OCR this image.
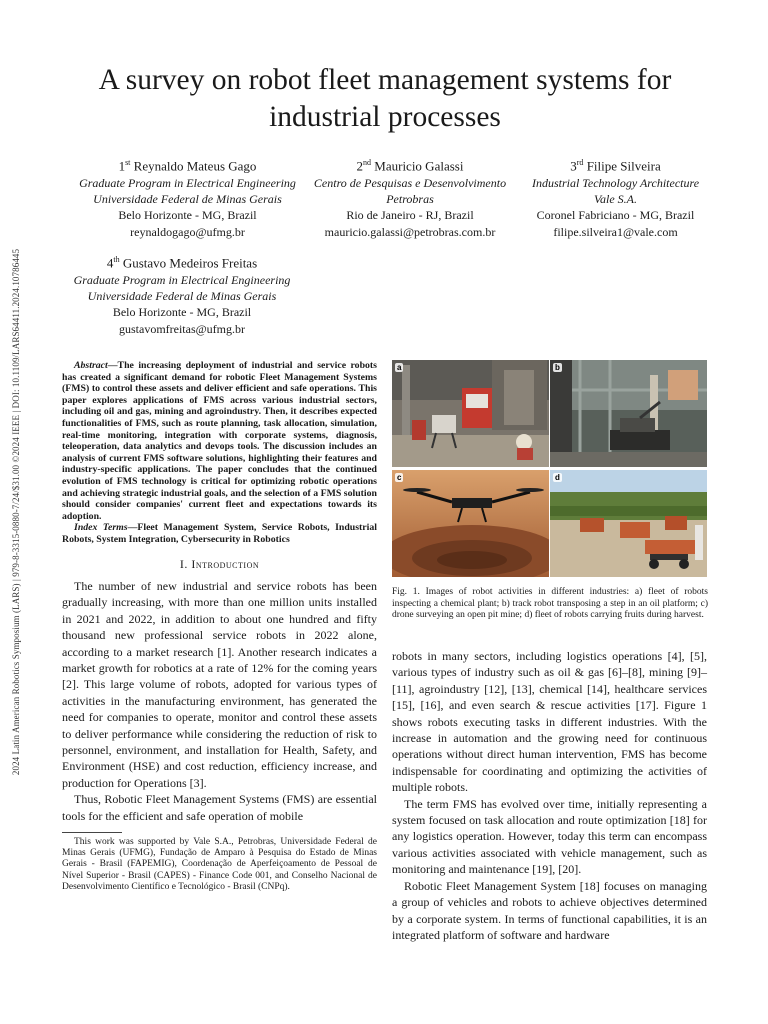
2024 Latin American Robotics Symposium (LARS) | 979-8-3315-0880-7/24/$31.00 ©2024 IEEE | DOI: 10.1109/LARS64411.2024.10786445
A survey on robot fleet management systems for industrial processes
1st Reynaldo Mateus Gago
Graduate Program in Electrical Engineering
Universidade Federal de Minas Gerais
Belo Horizonte - MG, Brazil
reynaldogago@ufmg.br
2nd Mauricio Galassi
Centro de Pesquisas e Desenvolvimento
Petrobras
Rio de Janeiro - RJ, Brazil
mauricio.galassi@petrobras.com.br
3rd Filipe Silveira
Industrial Technology Architecture
Vale S.A.
Coronel Fabriciano - MG, Brazil
filipe.silveira1@vale.com
4th Gustavo Medeiros Freitas
Graduate Program in Electrical Engineering
Universidade Federal de Minas Gerais
Belo Horizonte - MG, Brazil
gustavomfreitas@ufmg.br

Abstract—The increasing deployment of industrial and service robots has created a significant demand for robotic Fleet Management Systems (FMS) to control these assets and deliver efficient and safe operations. This paper explores applications of FMS across various industrial sectors, including oil and gas, mining and agroindustry. Then, it describes expected functionalities of FMS, such as route planning, task allocation, simulation, real-time monitoring, integration with corporate systems, diagnosis, teleoperation, data analytics and devops tools. The discussion includes an analysis of current FMS software solutions, highlighting their features and industry-specific applications. The paper concludes that the continued evolution of FMS technology is critical for optimizing robotic operations and achieving strategic industrial goals, and the selection of a FMS solution should consider companies' current fleet and expectations towards its adoption.

Index Terms—Fleet Management System, Service Robots, Industrial Robots, System Integration, Cybersecurity in Robotics

I. Introduction

The number of new industrial and service robots has been gradually increasing, with more than one million units installed in 2021 and 2022, in addition to about one hundred and fifty thousand new professional service robots in 2022 alone, according to a market research [1]. Another research indicates a market growth for robotics at a rate of 12% for the coming years [2]. This large volume of robots, adopted for various types of activities in the manufacturing environment, has generated the need for companies to operate, monitor and control these assets to deliver performance while considering the reduction of risk to personnel, environment, and installation for Health, Safety, and Environment (HSE) and cost reduction, efficiency increase, and production for Operations [3].

Thus, Robotic Fleet Management Systems (FMS) are essential tools for the efficient and safe operation of mobile

This work was supported by Vale S.A., Petrobras, Universidade Federal de Minas Gerais (UFMG), Fundação de Amparo à Pesquisa do Estado de Minas Gerais - Brasil (FAPEMIG), Coordenação de Aperfeiçoamento de Pessoal de Nível Superior - Brasil (CAPES) - Finance Code 001, and Conselho Nacional de Desenvolvimento Científico e Tecnológico - Brasil (CNPq).

a	b
c	d
Fig. 1. Images of robot activities in different industries: a) fleet of robots inspecting a chemical plant; b) track robot transposing a step in an oil platform; c) drone surveying an open pit mine; d) fleet of robots carrying fruits during harvest.

robots in many sectors, including logistics operations [4], [5], various types of industry such as oil & gas [6]–[8], mining [9]–[11], agroindustry [12], [13], chemical [14], healthcare services [15], [16], and even search & rescue activities [17]. Figure 1 shows robots executing tasks in different industries. With the increase in automation and the growing need for continuous operations without direct human intervention, FMS has become indispensable for coordinating and optimizing the activities of multiple robots.

The term FMS has evolved over time, initially representing a system focused on task allocation and route optimization [18] for any logistics operation. However, today this term can encompass various activities associated with vehicle management, such as monitoring and maintenance [19], [20].

Robotic Fleet Management System [18] focuses on managing a group of vehicles and robots to achieve objectives determined by a corporate system. In terms of functional capabilities, it is an integrated platform of software and hardware
